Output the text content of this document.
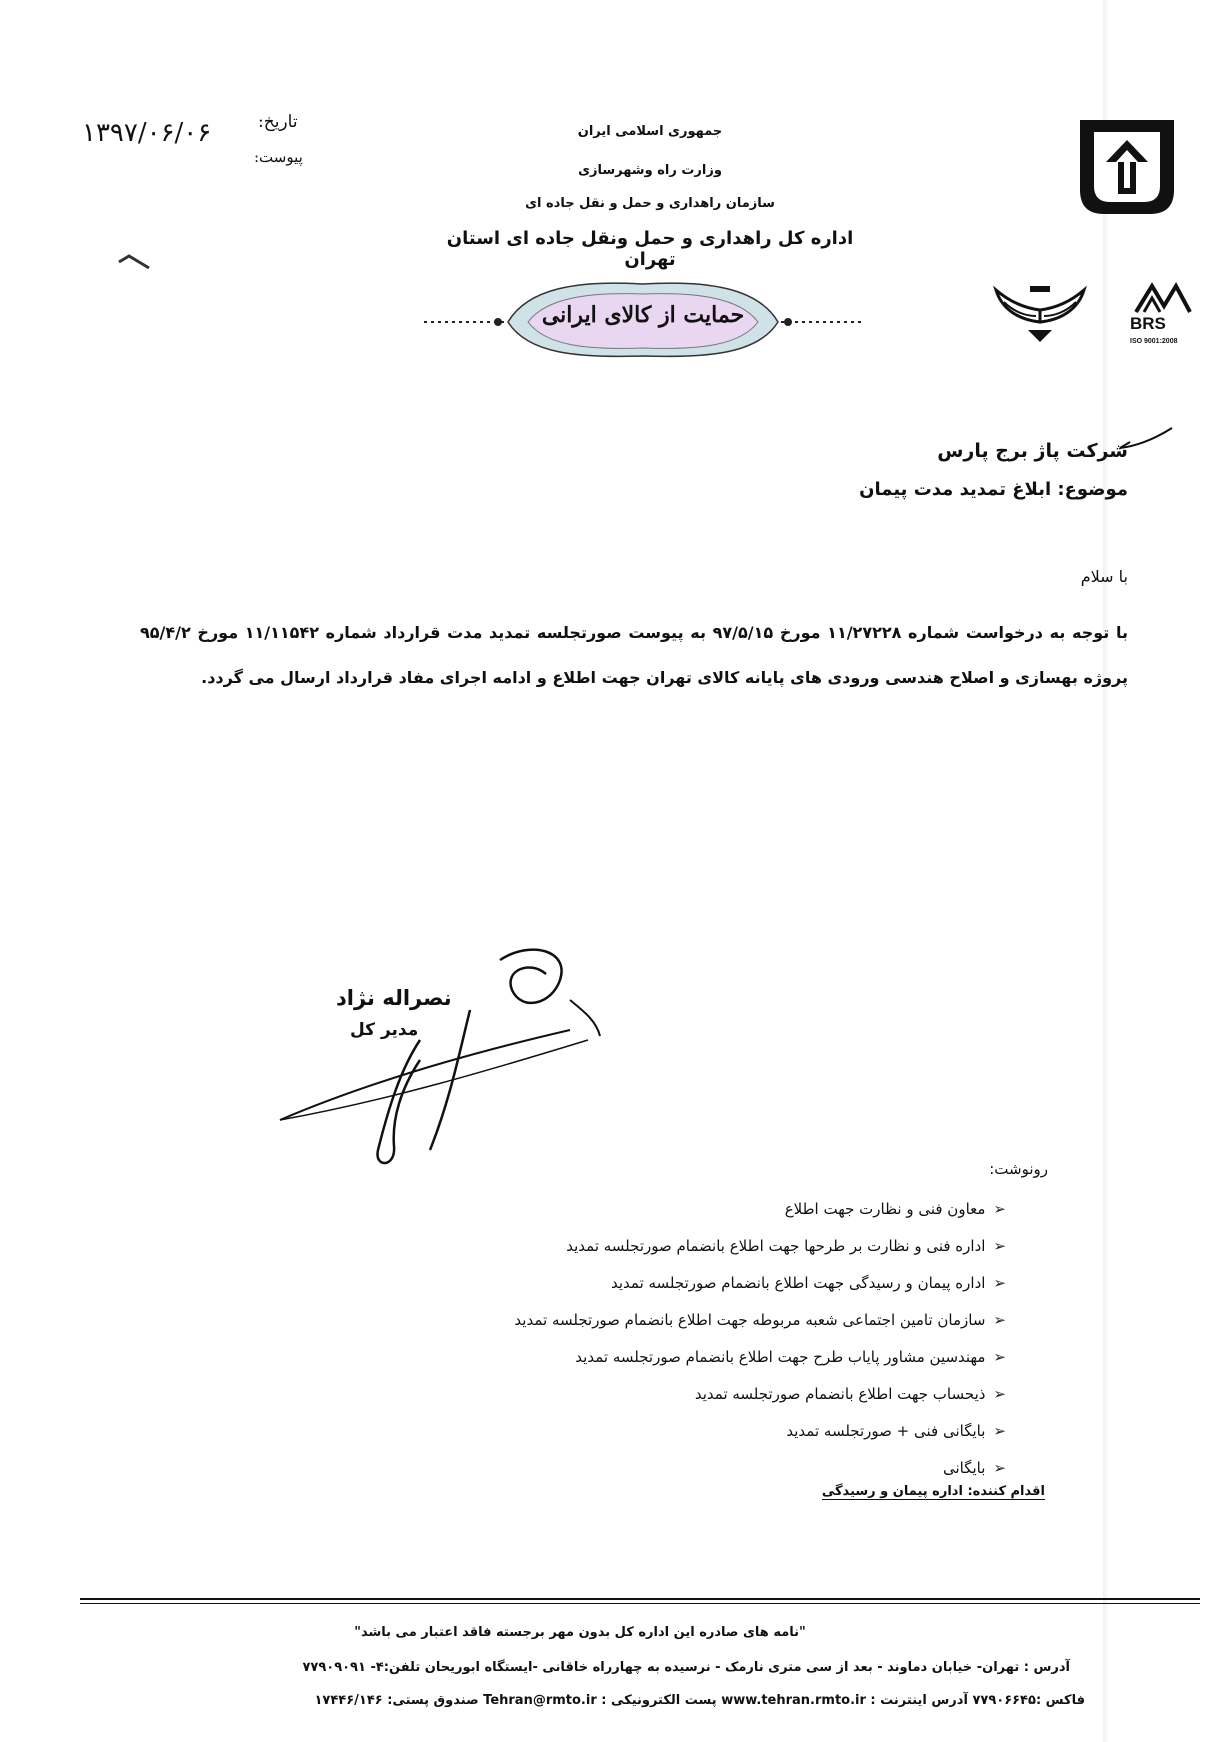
BRS
ISO 9001:2008
جمهوری اسلامی ایران
وزارت راه وشهرسازی
سازمان راهداری و حمل و نقل جاده ای
اداره کل راهداری و حمل ونقل جاده ای استان تهران
حمایت از کالای ایرانی
تاریخ:
پیوست:
۱۳۹۷/۰۶/۰۶
شرکت پاژ برج پارس
موضوع: ابلاغ تمدید مدت پیمان
با سلام
با توجه به درخواست شماره ۱۱/۲۷۲۲۸ مورخ ۹۷/۵/۱۵ به پیوست صورتجلسه تمدید مدت قرارداد شماره ۱۱/۱۱۵۴۲ مورخ ۹۵/۴/۲ پروژه بهسازی و اصلاح هندسی ورودی های پایانه کالای تهران جهت اطلاع و ادامه اجرای مفاد قرارداد ارسال می گردد.
نصراله نژاد
مدیر کل
رونوشت:
➢
معاون فنی و نظارت جهت اطلاع
➢
اداره فنی و نظارت بر طرحها جهت اطلاع بانضمام صورتجلسه تمدید
➢
اداره پیمان و رسیدگی جهت اطلاع بانضمام صورتجلسه تمدید
➢
سازمان تامین اجتماعی شعبه مربوطه جهت اطلاع بانضمام صورتجلسه تمدید
➢
مهندسین مشاور پایاب طرح جهت اطلاع بانضمام صورتجلسه تمدید
➢
ذیحساب جهت اطلاع بانضمام صورتجلسه تمدید
➢
بایگانی فنی + صورتجلسه تمدید
➢
بایگانی
اقدام کننده: اداره پیمان و رسیدگی
"نامه های صادره این اداره کل بدون مهر برجسته فاقد اعتبار می باشد"
آدرس : تهران- خیابان دماوند - بعد از سی متری نارمک - نرسیده به چهارراه خاقانی -ایستگاه ابوریحان تلفن:۴- ۷۷۹۰۹۰۹۱
فاکس :۷۷۹۰۶۶۴۵ آدرس اینترنت : www.tehran.rmto.ir پست الکترونیکی : Tehran@rmto.ir صندوق پستی: ۱۷۴۴۶/۱۴۶
